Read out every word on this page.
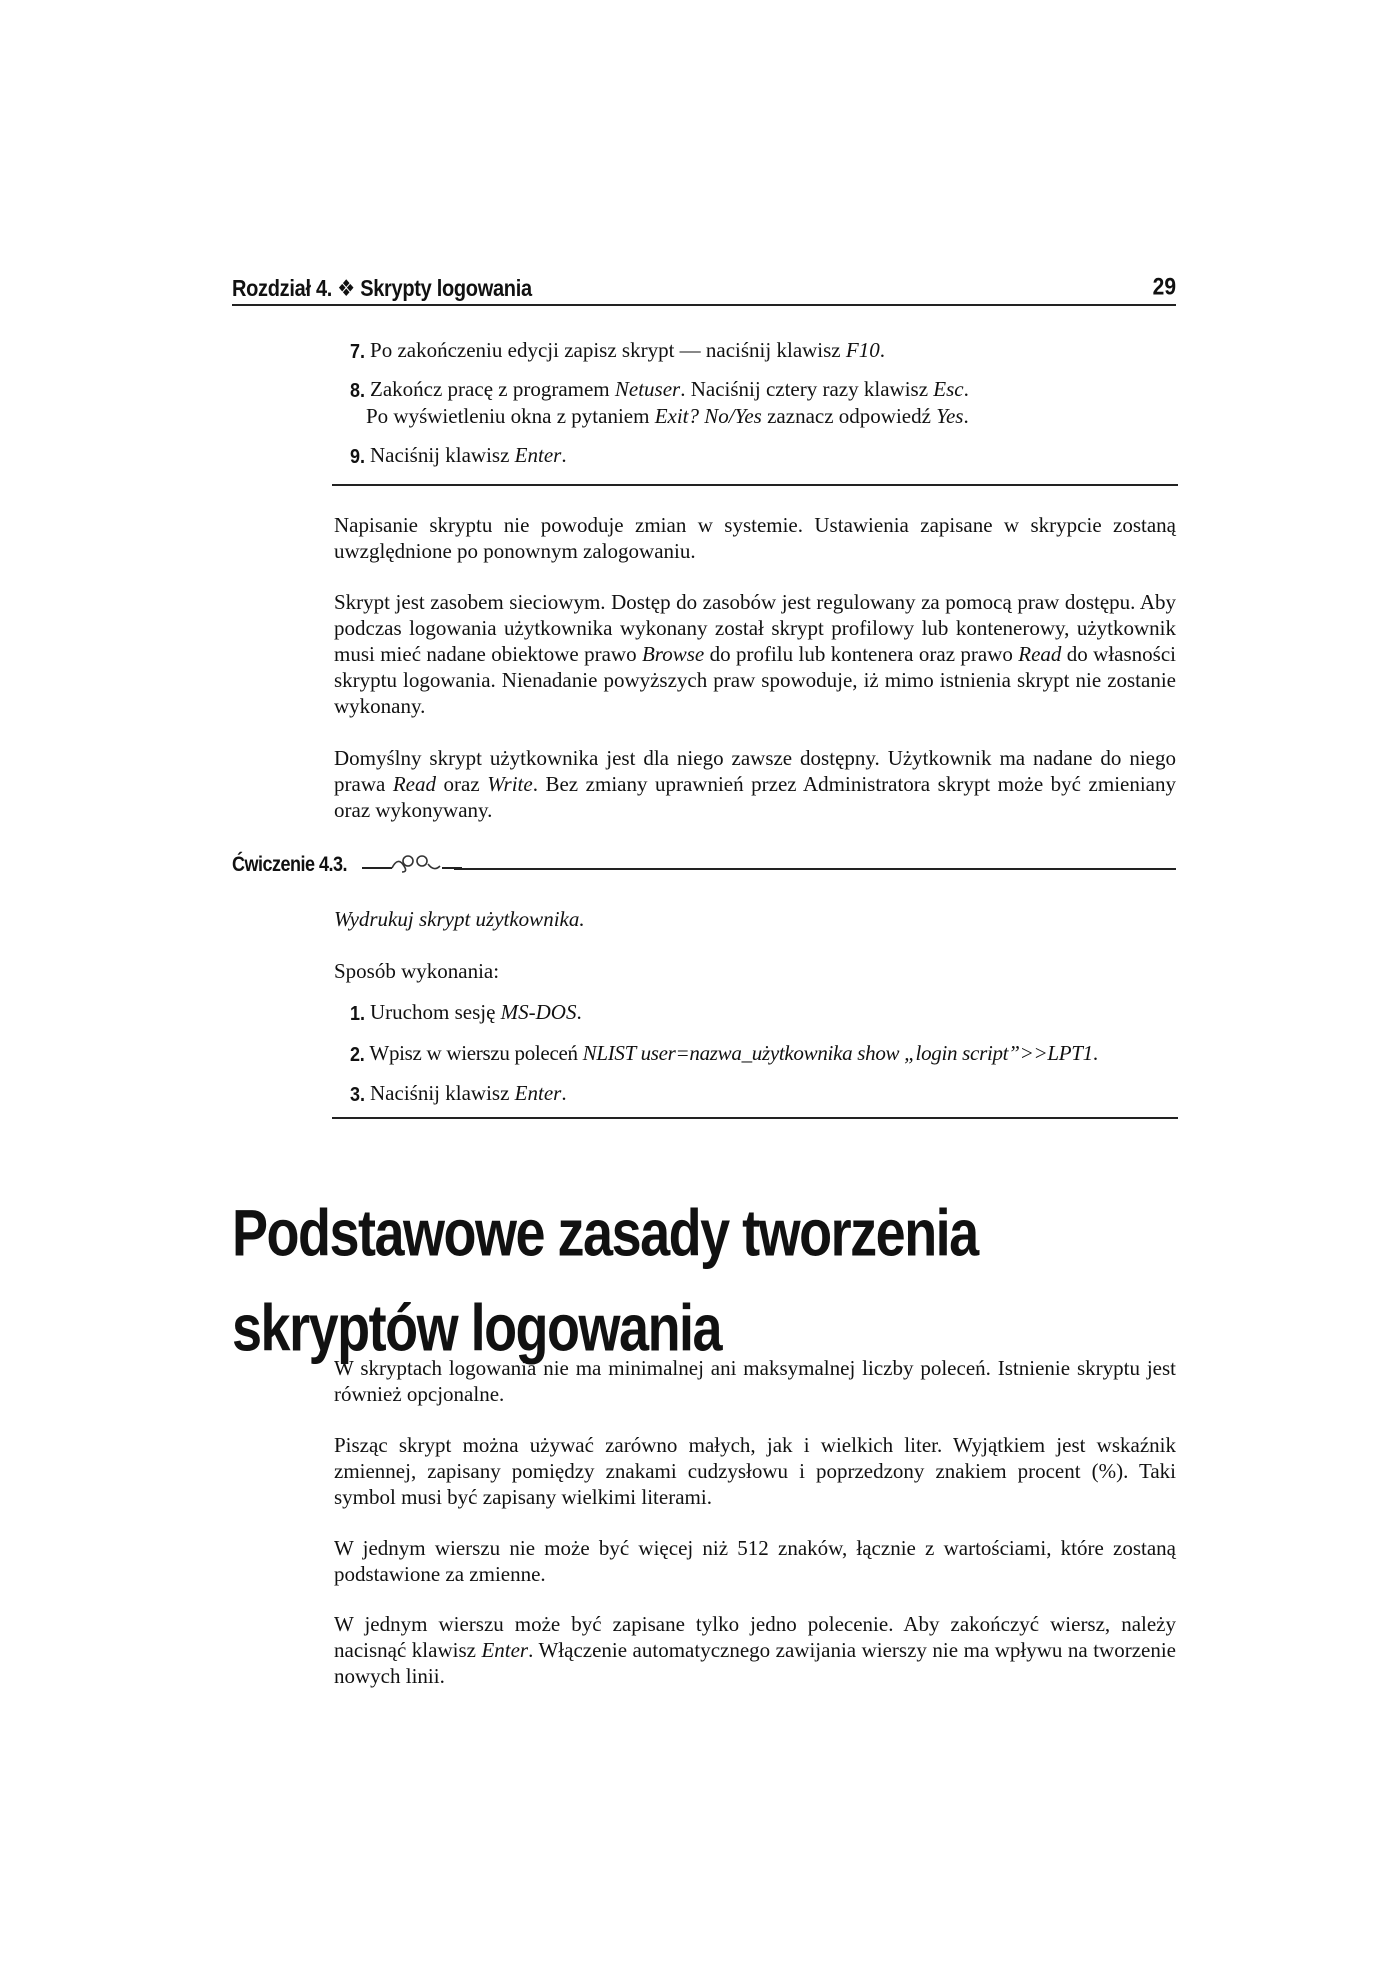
Rozdział 4. ❖ Skrypty logowania	29
7. Po zakończeniu edycji zapisz skrypt — naciśnij klawisz F10.
8. Zakończ pracę z programem Netuser. Naciśnij cztery razy klawisz Esc.
Po wyświetleniu okna z pytaniem Exit? No/Yes zaznacz odpowiedź Yes.
9. Naciśnij klawisz Enter.
Napisanie skryptu nie powoduje zmian w systemie. Ustawienia zapisane w skrypcie zostaną uwzględnione po ponownym zalogowaniu.
Skrypt jest zasobem sieciowym. Dostęp do zasobów jest regulowany za pomocą praw dostępu. Aby podczas logowania użytkownika wykonany został skrypt profilowy lub kontenerowy, użytkownik musi mieć nadane obiektowe prawo Browse do profilu lub kontenera oraz prawo Read do własności skryptu logowania. Nienadanie powyższych praw spowoduje, iż mimo istnienia skrypt nie zostanie wykonany.
Domyślny skrypt użytkownika jest dla niego zawsze dostępny. Użytkownik ma nadane do niego prawa Read oraz Write. Bez zmiany uprawnień przez Administratora skrypt może być zmieniany oraz wykonywany.
Ćwiczenie 4.3.
Wydrukuj skrypt użytkownika.
Sposób wykonania:
1. Uruchom sesję MS-DOS.
2. Wpisz w wierszu poleceń NLIST user=nazwa_użytkownika show „login script”>>LPT1.
3. Naciśnij klawisz Enter.
Podstawowe zasady tworzenia
skryptów logowania
W skryptach logowania nie ma minimalnej ani maksymalnej liczby poleceń. Istnienie skryptu jest również opcjonalne.
Pisząc skrypt można używać zarówno małych, jak i wielkich liter. Wyjątkiem jest wskaźnik zmiennej, zapisany pomiędzy znakami cudzysłowu i poprzedzony znakiem procent (%). Taki symbol musi być zapisany wielkimi literami.
W jednym wierszu nie może być więcej niż 512 znaków, łącznie z wartościami, które zostaną podstawione za zmienne.
W jednym wierszu może być zapisane tylko jedno polecenie. Aby zakończyć wiersz, należy nacisnąć klawisz Enter. Włączenie automatycznego zawijania wierszy nie ma wpływu na tworzenie nowych linii.
